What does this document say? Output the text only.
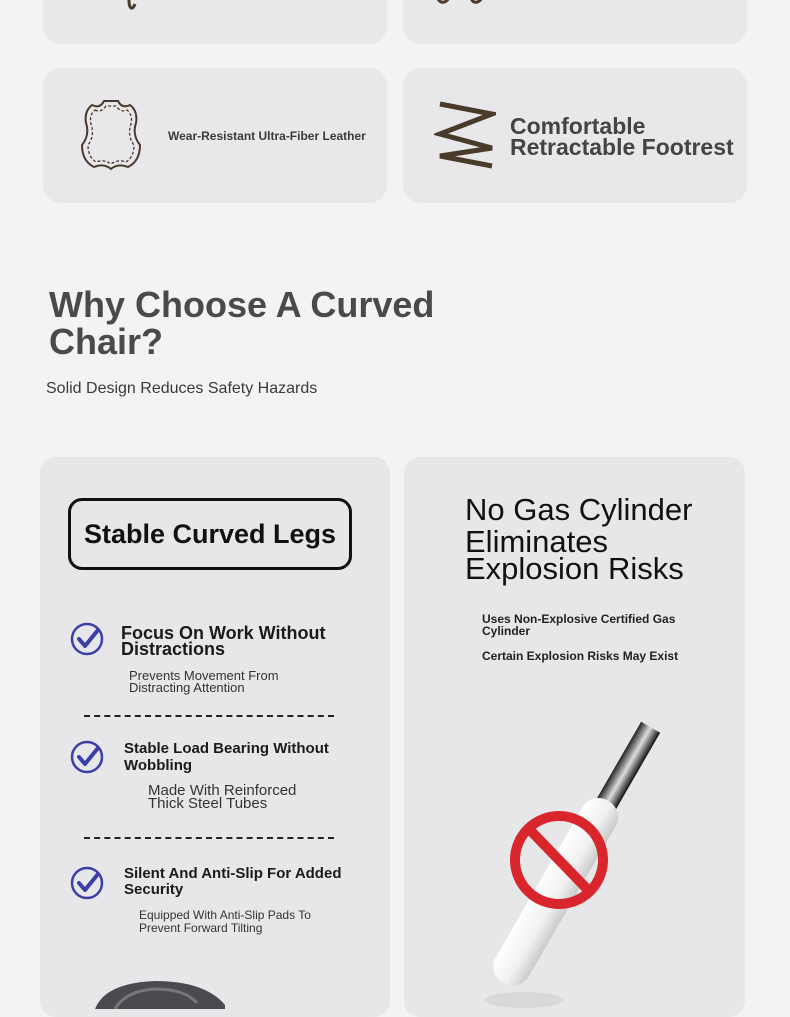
Wear-Resistant Ultra-Fiber Leather	Comfortable
Retractable Footrest
Why Choose A Curved
Chair?
Solid Design Reduces Safety Hazards
Stable Curved Legs
Focus On Work Without
Distractions
Prevents Movement From
Distracting Attention
Stable Load Bearing Without
Wobbling
Made With Reinforced
Thick Steel Tubes
Silent And Anti-Slip For Added
Security
Equipped With Anti-Slip Pads To
Prevent Forward Tilting
No Gas Cylinder
Eliminates
Explosion Risks
Uses Non-Explosive Certified Gas
Cylinder
Certain Explosion Risks May Exist
